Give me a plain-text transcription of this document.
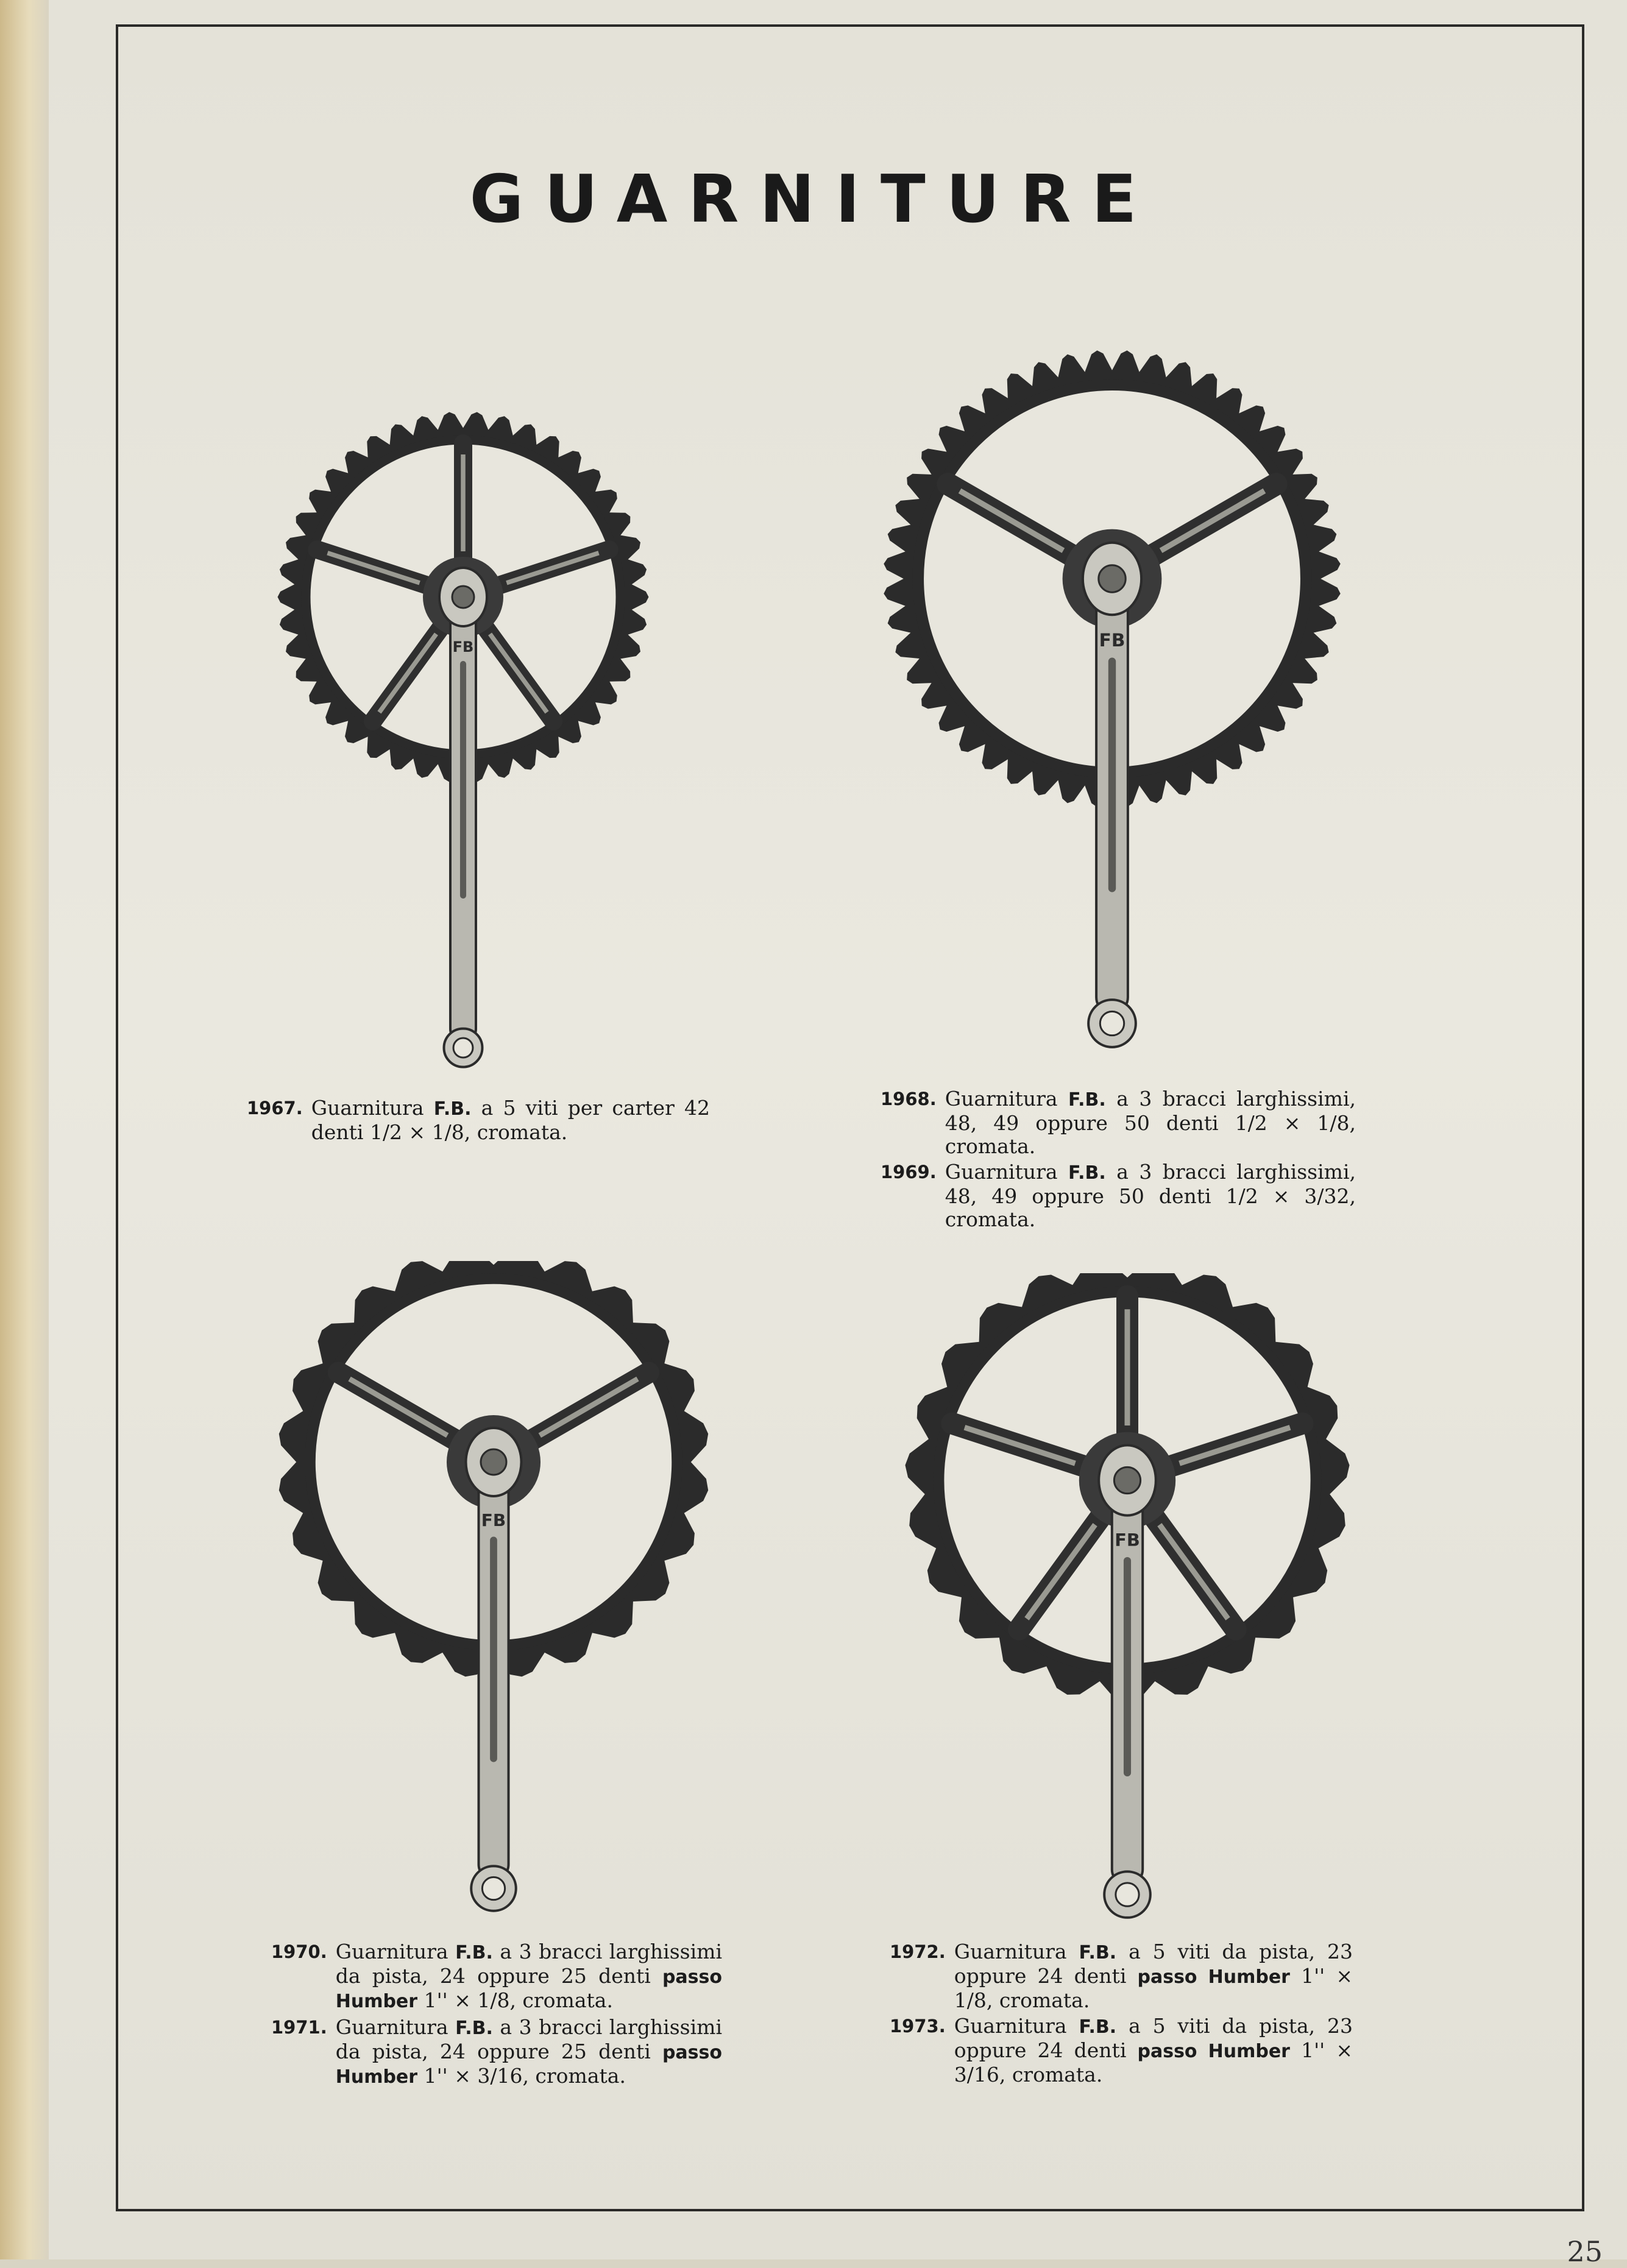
25
GUARNITURE
FB	FB
FB
FB
1967. Guarnitura F.B. a 5 viti per carter 42 denti 1/2 × 1/8, cromata.
1968. Guarnitura F.B. a 3 bracci larghissimi, 48, 49 oppure 50 denti 1/2 × 1/8, cromata.
1969. Guarnitura F.B. a 3 bracci larghissimi, 48, 49 oppure 50 denti 1/2 × 3/32, cromata.
1970. Guarnitura F.B. a 3 bracci larghissimi da pista, 24 oppure 25 denti passo Humber 1'' × 1/8, cromata.
1971. Guarnitura F.B. a 3 bracci larghissimi da pista, 24 oppure 25 denti passo Humber 1'' × 3/16, cromata.
1972. Guarnitura F.B. a 5 viti da pista, 23 oppure 24 denti passo Humber 1'' × 1/8, cromata.
1973. Guarnitura F.B. a 5 viti da pista, 23 oppure 24 denti passo Humber 1'' × 3/16, cromata.
